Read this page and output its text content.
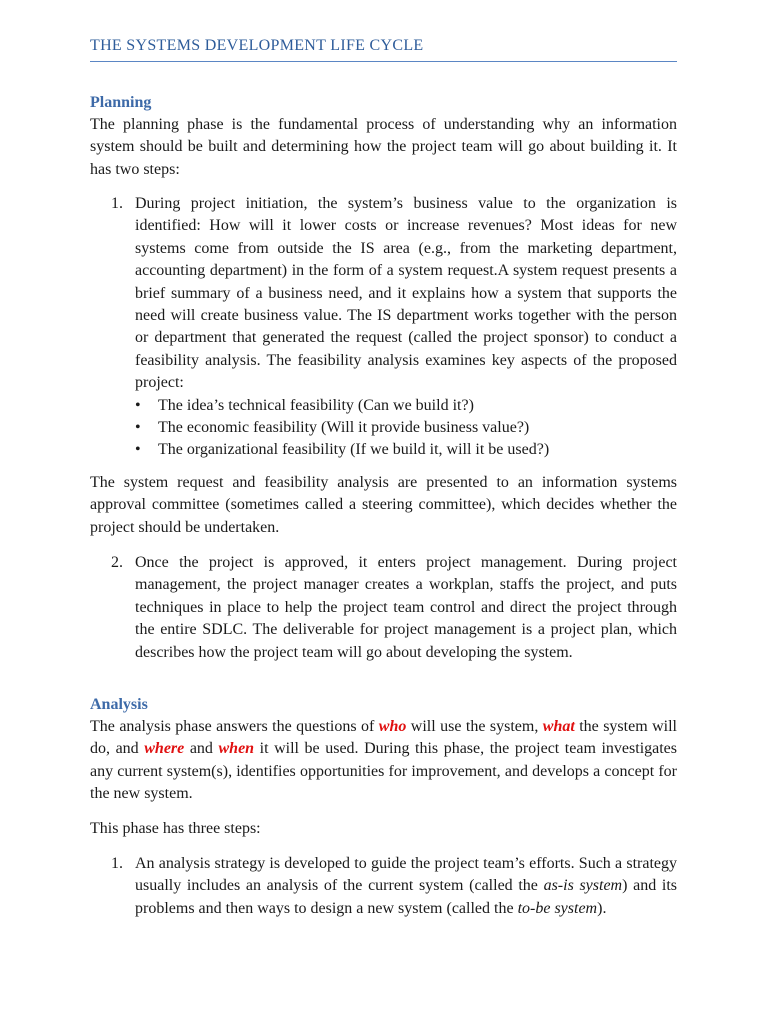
THE SYSTEMS DEVELOPMENT LIFE CYCLE
Planning

The planning phase is the fundamental process of understanding why an information system should be built and determining how the project team will go about building it. It has two steps:

1. During project initiation, the system’s business value to the organization is identified: How will it lower costs or increase revenues? Most ideas for new systems come from outside the IS area (e.g., from the marketing department, accounting department) in the form of a system request.A system request presents a brief summary of a business need, and it explains how a system that supports the need will create business value. The IS department works together with the person or department that generated the request (called the project sponsor) to conduct a feasibility analysis. The feasibility analysis examines key aspects of the proposed project:

• The idea’s technical feasibility (Can we build it?)
• The economic feasibility (Will it provide business value?)
• The organizational feasibility (If we build it, will it be used?)

The system request and feasibility analysis are presented to an information systems approval committee (sometimes called a steering committee), which decides whether the project should be undertaken.

2. Once the project is approved, it enters project management. During project management, the project manager creates a workplan, staffs the project, and puts techniques in place to help the project team control and direct the project through the entire SDLC. The deliverable for project management is a project plan, which describes how the project team will go about developing the system.

Analysis

The analysis phase answers the questions of who will use the system, what the system will do, and where and when it will be used. During this phase, the project team investigates any current system(s), identifies opportunities for improvement, and develops a concept for the new system.

This phase has three steps:

1. An analysis strategy is developed to guide the project team’s efforts. Such a strategy usually includes an analysis of the current system (called the as-is system) and its problems and then ways to design a new system (called the to-be system).
